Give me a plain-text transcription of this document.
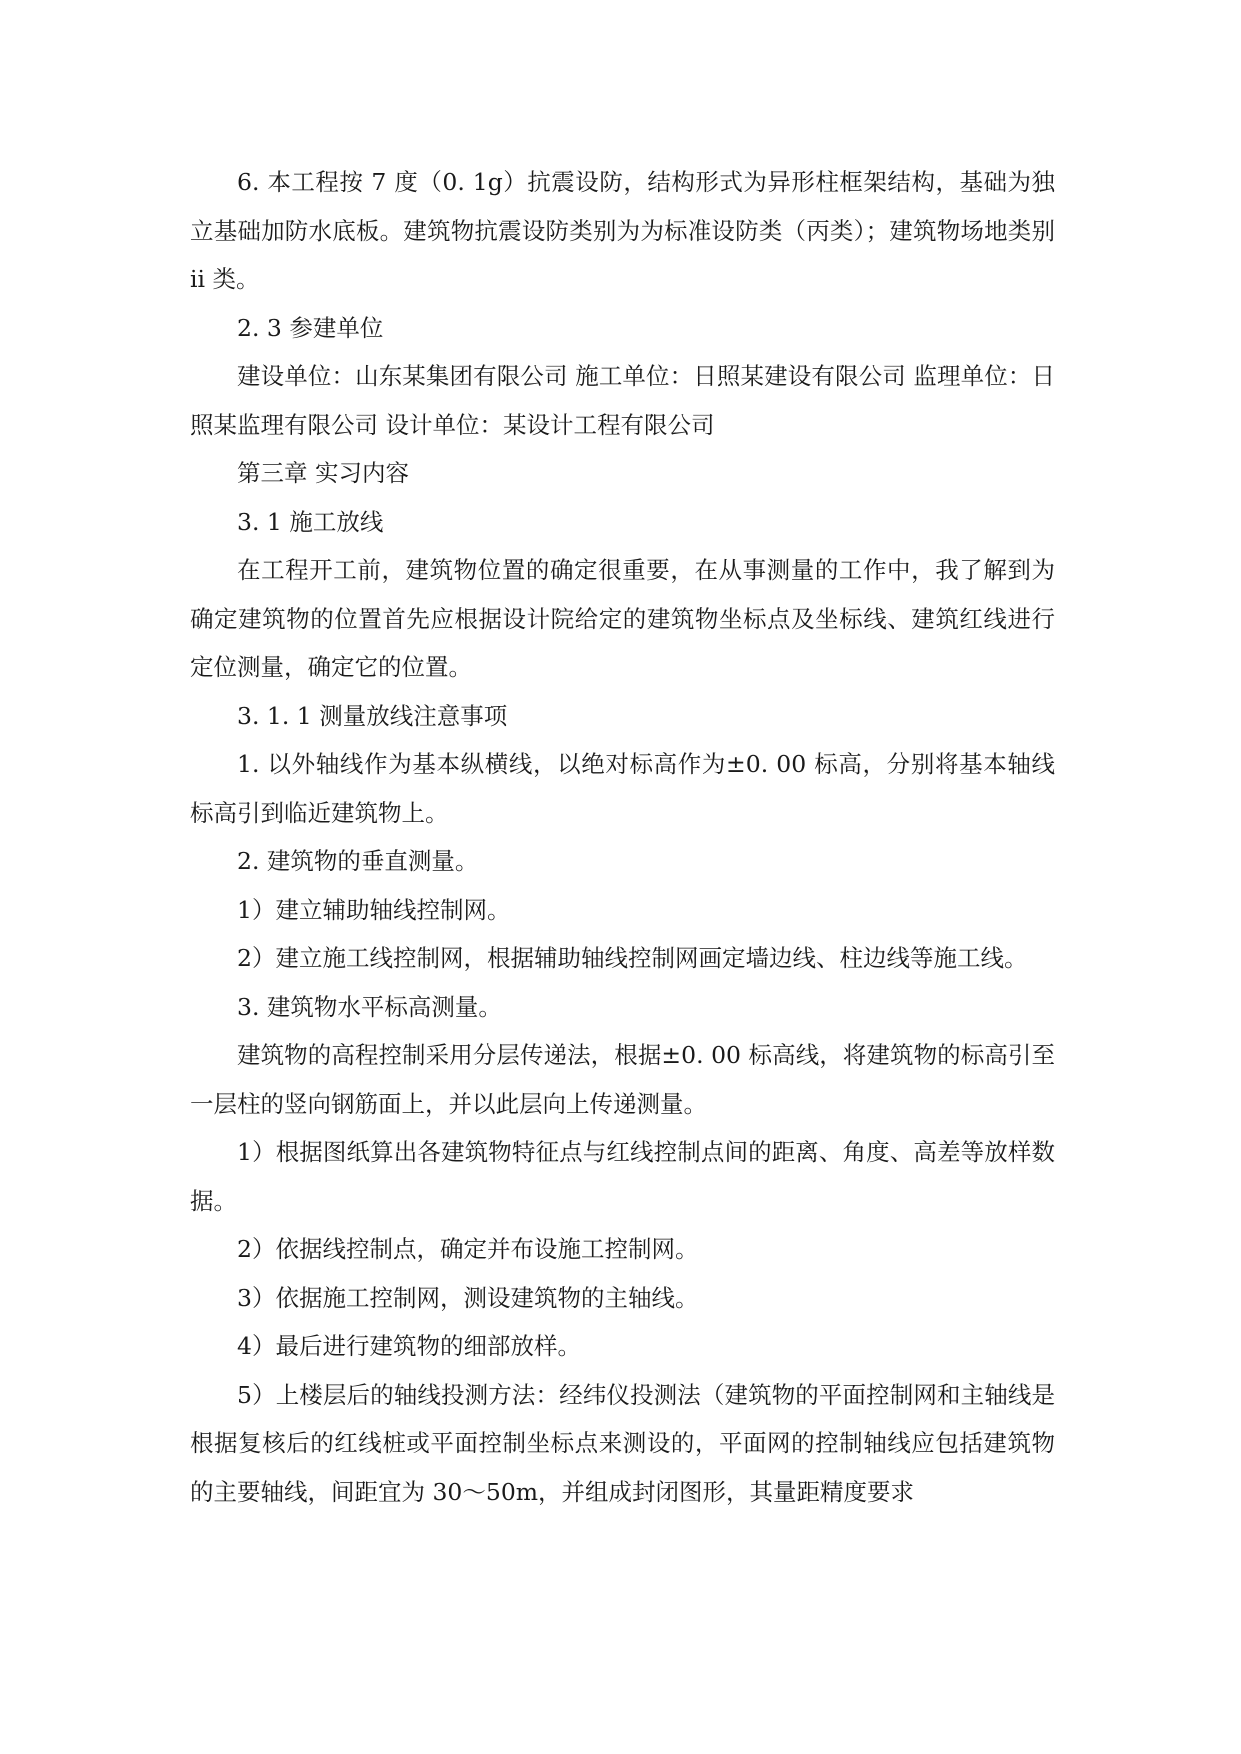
6. 本工程按 7 度（0. 1g）抗震设防，结构形式为异形柱框架结构，基础为独立基础加防水底板。建筑物抗震设防类别为为标准设防类（丙类）；建筑物场地类别 ii 类。

2. 3 参建单位

建设单位：山东某集团有限公司 施工单位：日照某建设有限公司 监理单位：日照某监理有限公司 设计单位：某设计工程有限公司

第三章 实习内容

3. 1 施工放线

在工程开工前，建筑物位置的确定很重要，在从事测量的工作中，我了解到为确定建筑物的位置首先应根据设计院给定的建筑物坐标点及坐标线、建筑红线进行定位测量，确定它的位置。

3. 1. 1 测量放线注意事项

1. 以外轴线作为基本纵横线，以绝对标高作为±0. 00 标高，分别将基本轴线标高引到临近建筑物上。

2. 建筑物的垂直测量。

1）建立辅助轴线控制网。

2）建立施工线控制网，根据辅助轴线控制网画定墙边线、柱边线等施工线。

3. 建筑物水平标高测量。

建筑物的高程控制采用分层传递法，根据±0. 00 标高线，将建筑物的标高引至一层柱的竖向钢筋面上，并以此层向上传递测量。

1）根据图纸算出各建筑物特征点与红线控制点间的距离、角度、高差等放样数据。

2）依据线控制点，确定并布设施工控制网。

3）依据施工控制网，测设建筑物的主轴线。

4）最后进行建筑物的细部放样。

5）上楼层后的轴线投测方法：经纬仪投测法（建筑物的平面控制网和主轴线是根据复核后的红线桩或平面控制坐标点来测设的，平面网的控制轴线应包括建筑物的主要轴线，间距宜为 30～50m，并组成封闭图形，其量距精度要求
